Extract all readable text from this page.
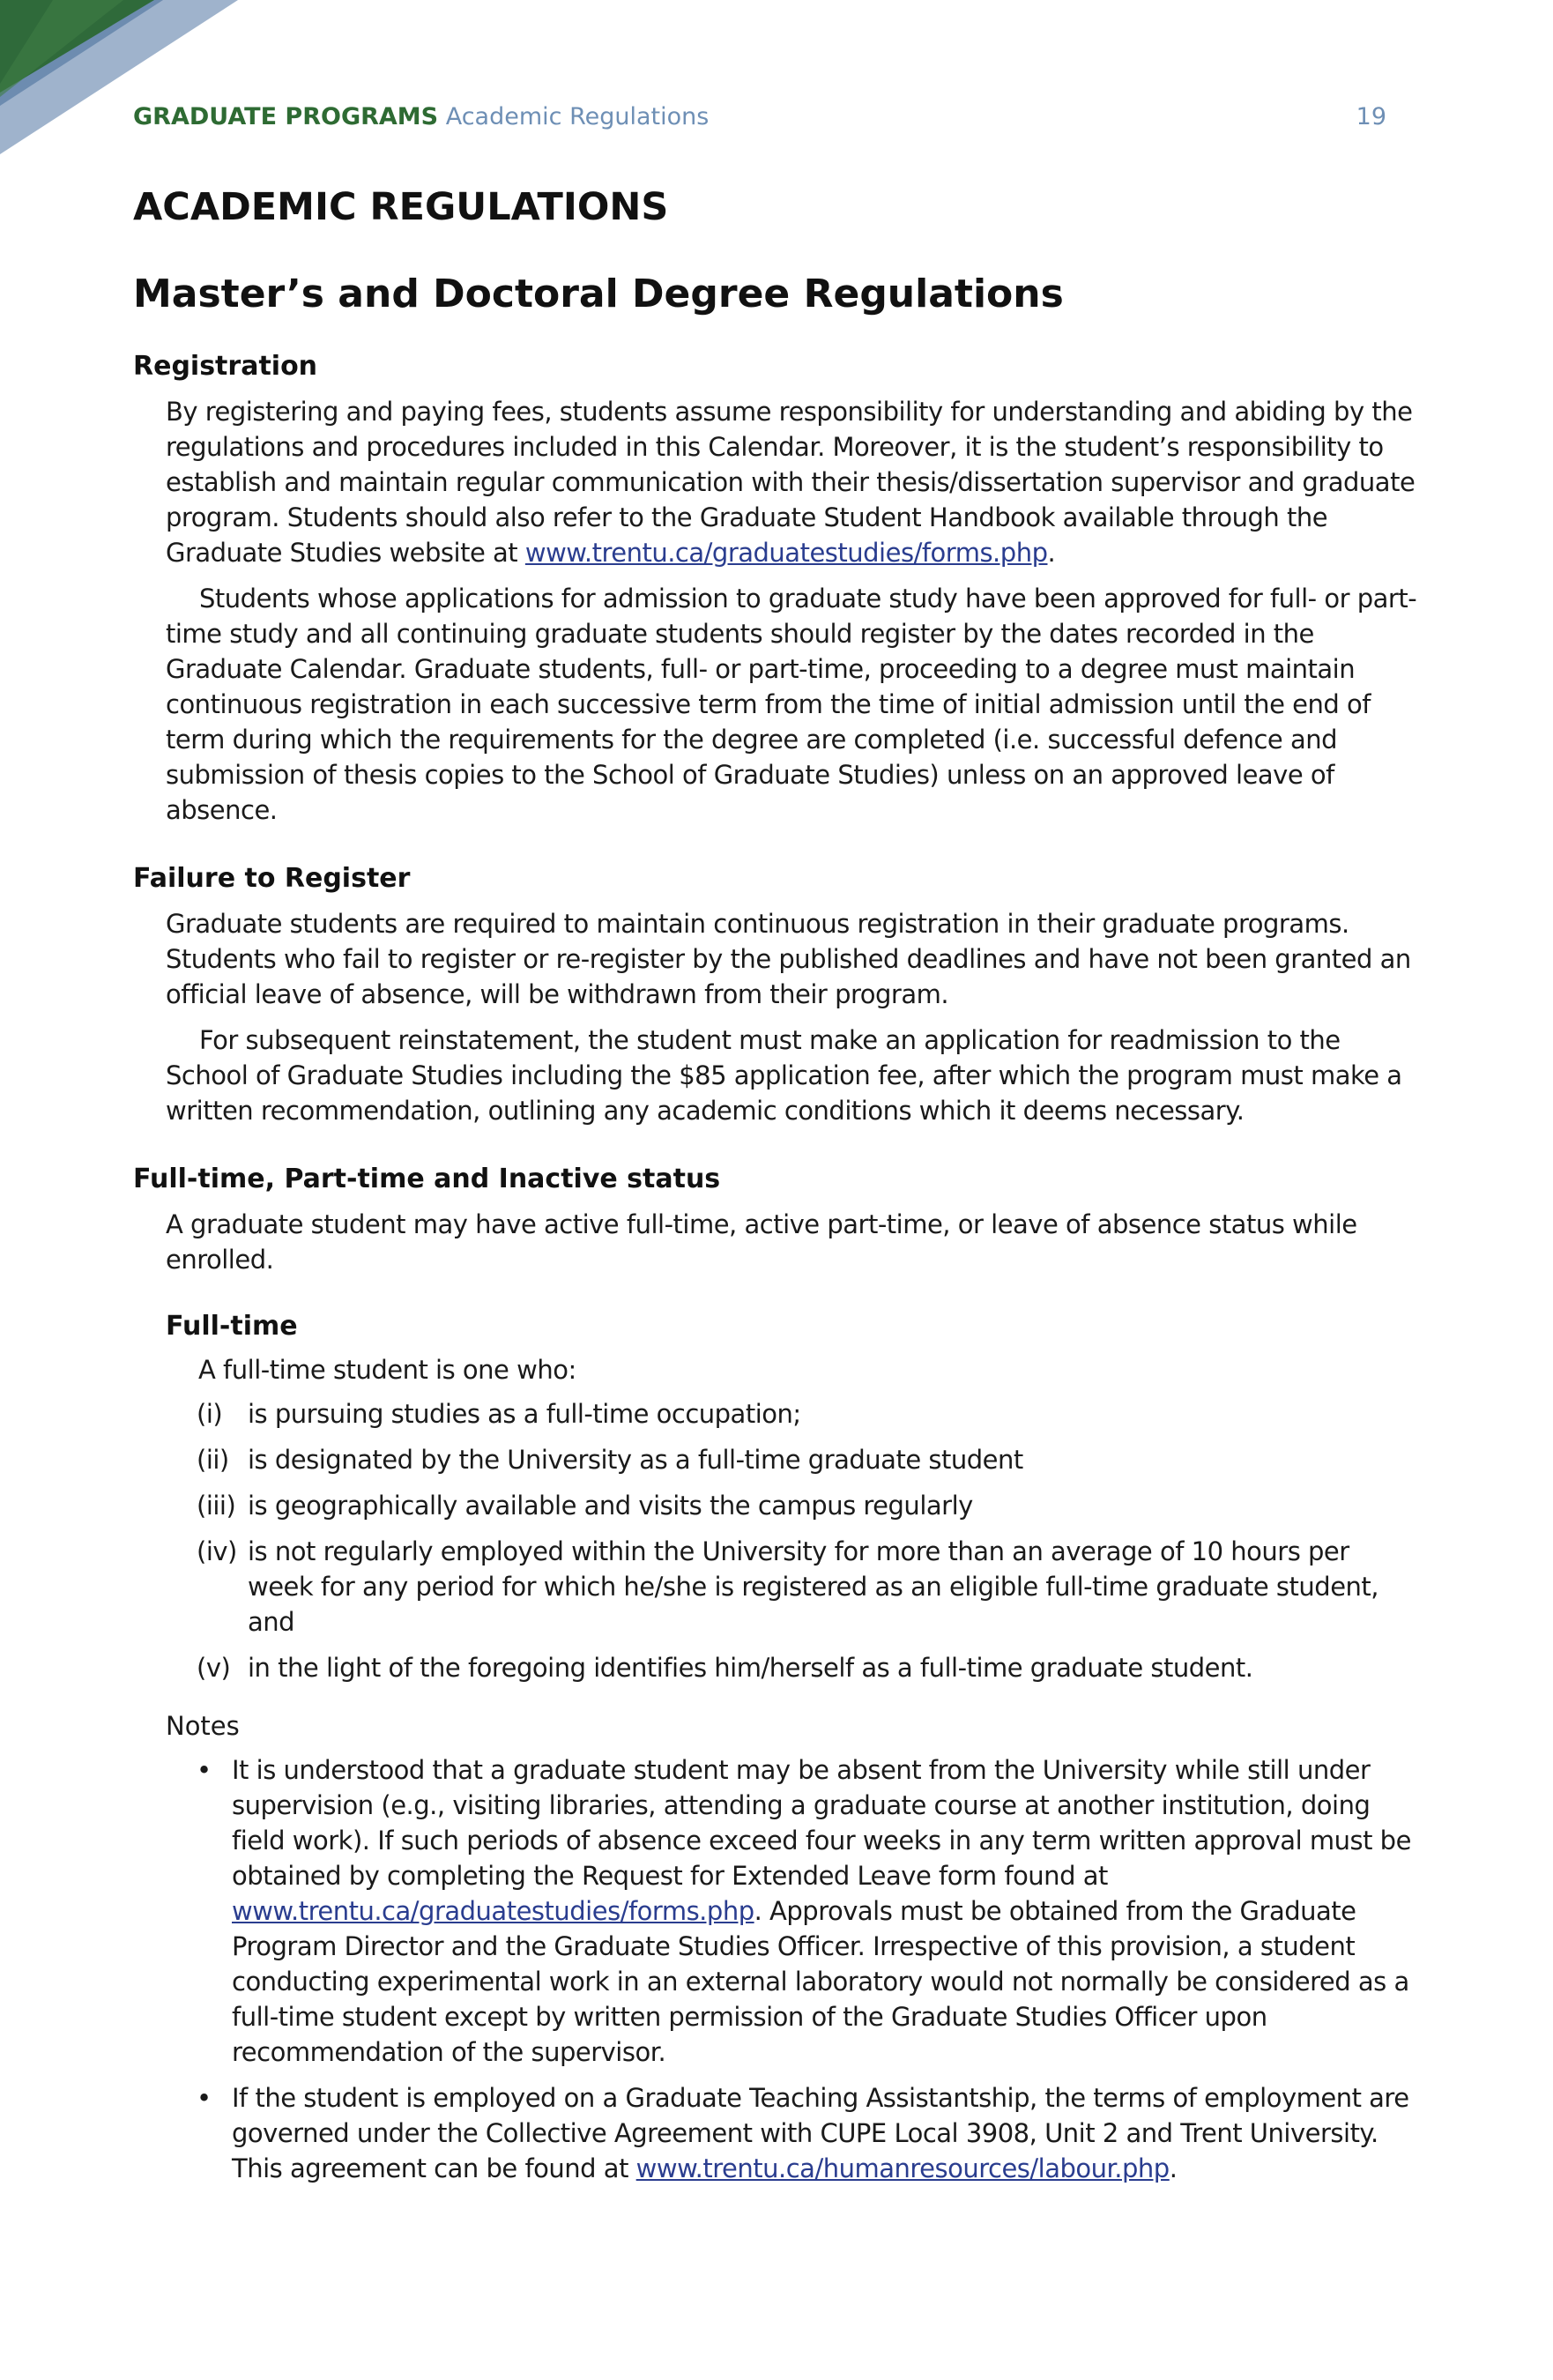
GRADUATE PROGRAMS Academic Regulations	19
ACADEMIC REGULATIONS
Master’s and Doctoral Degree Regulations
Registration

By registering and paying fees, students assume responsibility for understanding and abiding by the regulations and procedures included in this Calendar. Moreover, it is the student’s responsibility to establish and maintain regular communication with their thesis/dissertation supervisor and graduate program. Students should also refer to the Graduate Student Handbook available through the Graduate Studies website at www.trentu.ca/graduatestudies/forms.php.

Students whose applications for admission to graduate study have been approved for full- or part-time study and all continuing graduate students should register by the dates recorded in the Graduate Calendar. Graduate students, full- or part-time, proceeding to a degree must maintain continuous registration in each successive term from the time of initial admission until the end of term during which the requirements for the degree are completed (i.e. successful defence and submission of thesis copies to the School of Graduate Studies) unless on an approved leave of absence.

Failure to Register

Graduate students are required to maintain continuous registration in their graduate programs. Students who fail to register or re-register by the published deadlines and have not been granted an official leave of absence, will be withdrawn from their program.

For subsequent reinstatement, the student must make an application for readmission to the School of Graduate Studies including the $85 application fee, after which the program must make a written recommendation, outlining any academic conditions which it deems necessary.

Full-time, Part-time and Inactive status

A graduate student may have active full-time, active part-time, or leave of absence status while enrolled.

Full-time
A full-time student is one who:
(i) is pursuing studies as a full-time occupation;
(ii) is designated by the University as a full-time graduate student
(iii) is geographically available and visits the campus regularly
(iv) is not regularly employed within the University for more than an average of 10 hours per week for any period for which he/she is registered as an eligible full-time graduate student, and
(v) in the light of the foregoing identifies him/herself as a full-time graduate student.
Notes
• It is understood that a graduate student may be absent from the University while still under supervision (e.g., visiting libraries, attending a graduate course at another institution, doing field work). If such periods of absence exceed four weeks in any term written approval must be obtained by completing the Request for Extended Leave form found at www.trentu.ca/graduatestudies/forms.php. Approvals must be obtained from the Graduate Program Director and the Graduate Studies Officer. Irrespective of this provision, a student conducting experimental work in an external laboratory would not normally be considered as a full-time student except by written permission of the Graduate Studies Officer upon recommendation of the supervisor.
• If the student is employed on a Graduate Teaching Assistantship, the terms of employment are governed under the Collective Agreement with CUPE Local 3908, Unit 2 and Trent University. This agreement can be found at www.trentu.ca/humanresources/labour.php.
